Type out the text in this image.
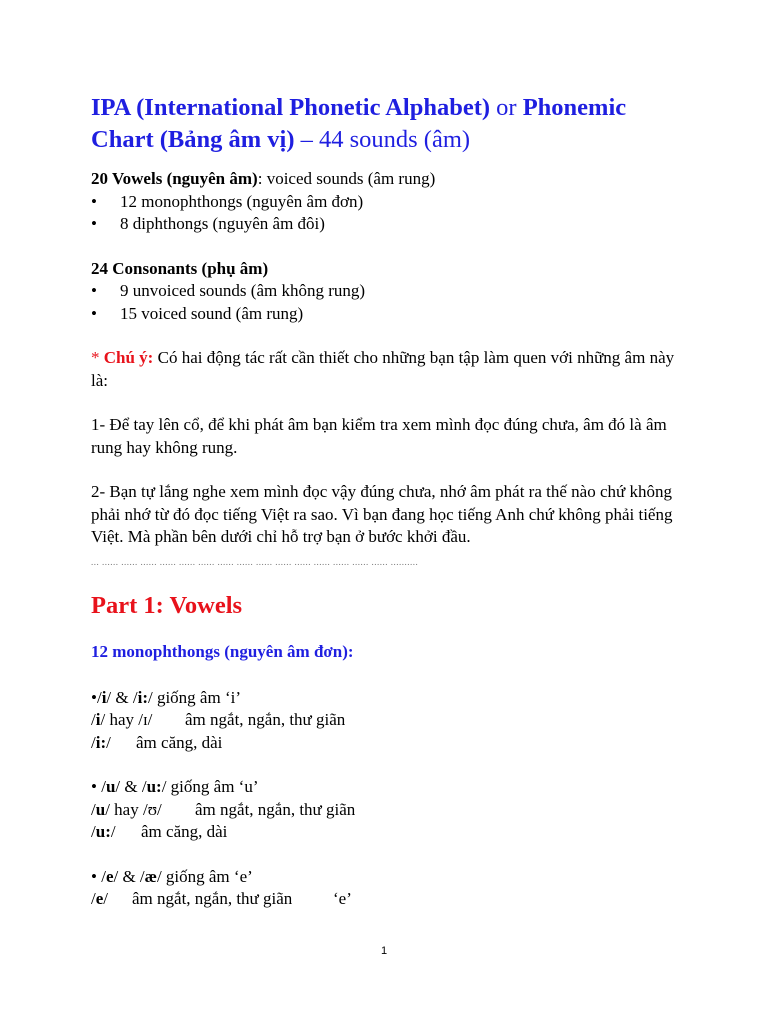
IPA (International Phonetic Alphabet) or Phonemic Chart (Bảng âm vị) – 44 sounds (âm)

20 Vowels (nguyên âm): voiced sounds (âm rung)

•	12 monophthongs (nguyên âm đơn)

•	8 diphthongs (nguyên âm đôi)

24 Consonants (phụ âm)

•	9 unvoiced sounds (âm không rung)

•	15 voiced sound (âm rung)

* Chú ý: Có hai động tác rất cần thiết cho những bạn tập làm quen với những âm này là:

1- Để tay lên cổ, để khi phát âm bạn kiểm tra xem mình đọc đúng chưa, âm đó là âm rung hay không rung.

2- Bạn tự lắng nghe xem mình đọc vậy đúng chưa, nhớ âm phát ra thế nào chứ không phải nhớ từ đó đọc tiếng Việt ra sao. Vì bạn đang học tiếng Anh chứ không phải tiếng Việt. Mà phần bên dưới chỉ hỗ trợ bạn ở bước khởi đầu.

... ...... ...... ...... ...... ...... ...... ...... ...... ...... ...... ...... ...... ...... ...... ...... ..........
Part 1: Vowels
12 monophthongs (nguyên âm đơn):

•/i/ & /i:/ giống âm ‘i’

/i/ hay /ɪ/	âm ngắt, ngắn, thư giãn
/i:/	âm căng, dài

• /u/ & /u:/ giống âm ‘u’

/u/ hay /ʊ/	âm ngắt, ngắn, thư giãn
/u:/	âm căng, dài

• /e/ & /æ/ giống âm ‘e’

/e/	âm ngắt, ngắn, thư giãn	‘e’
1
